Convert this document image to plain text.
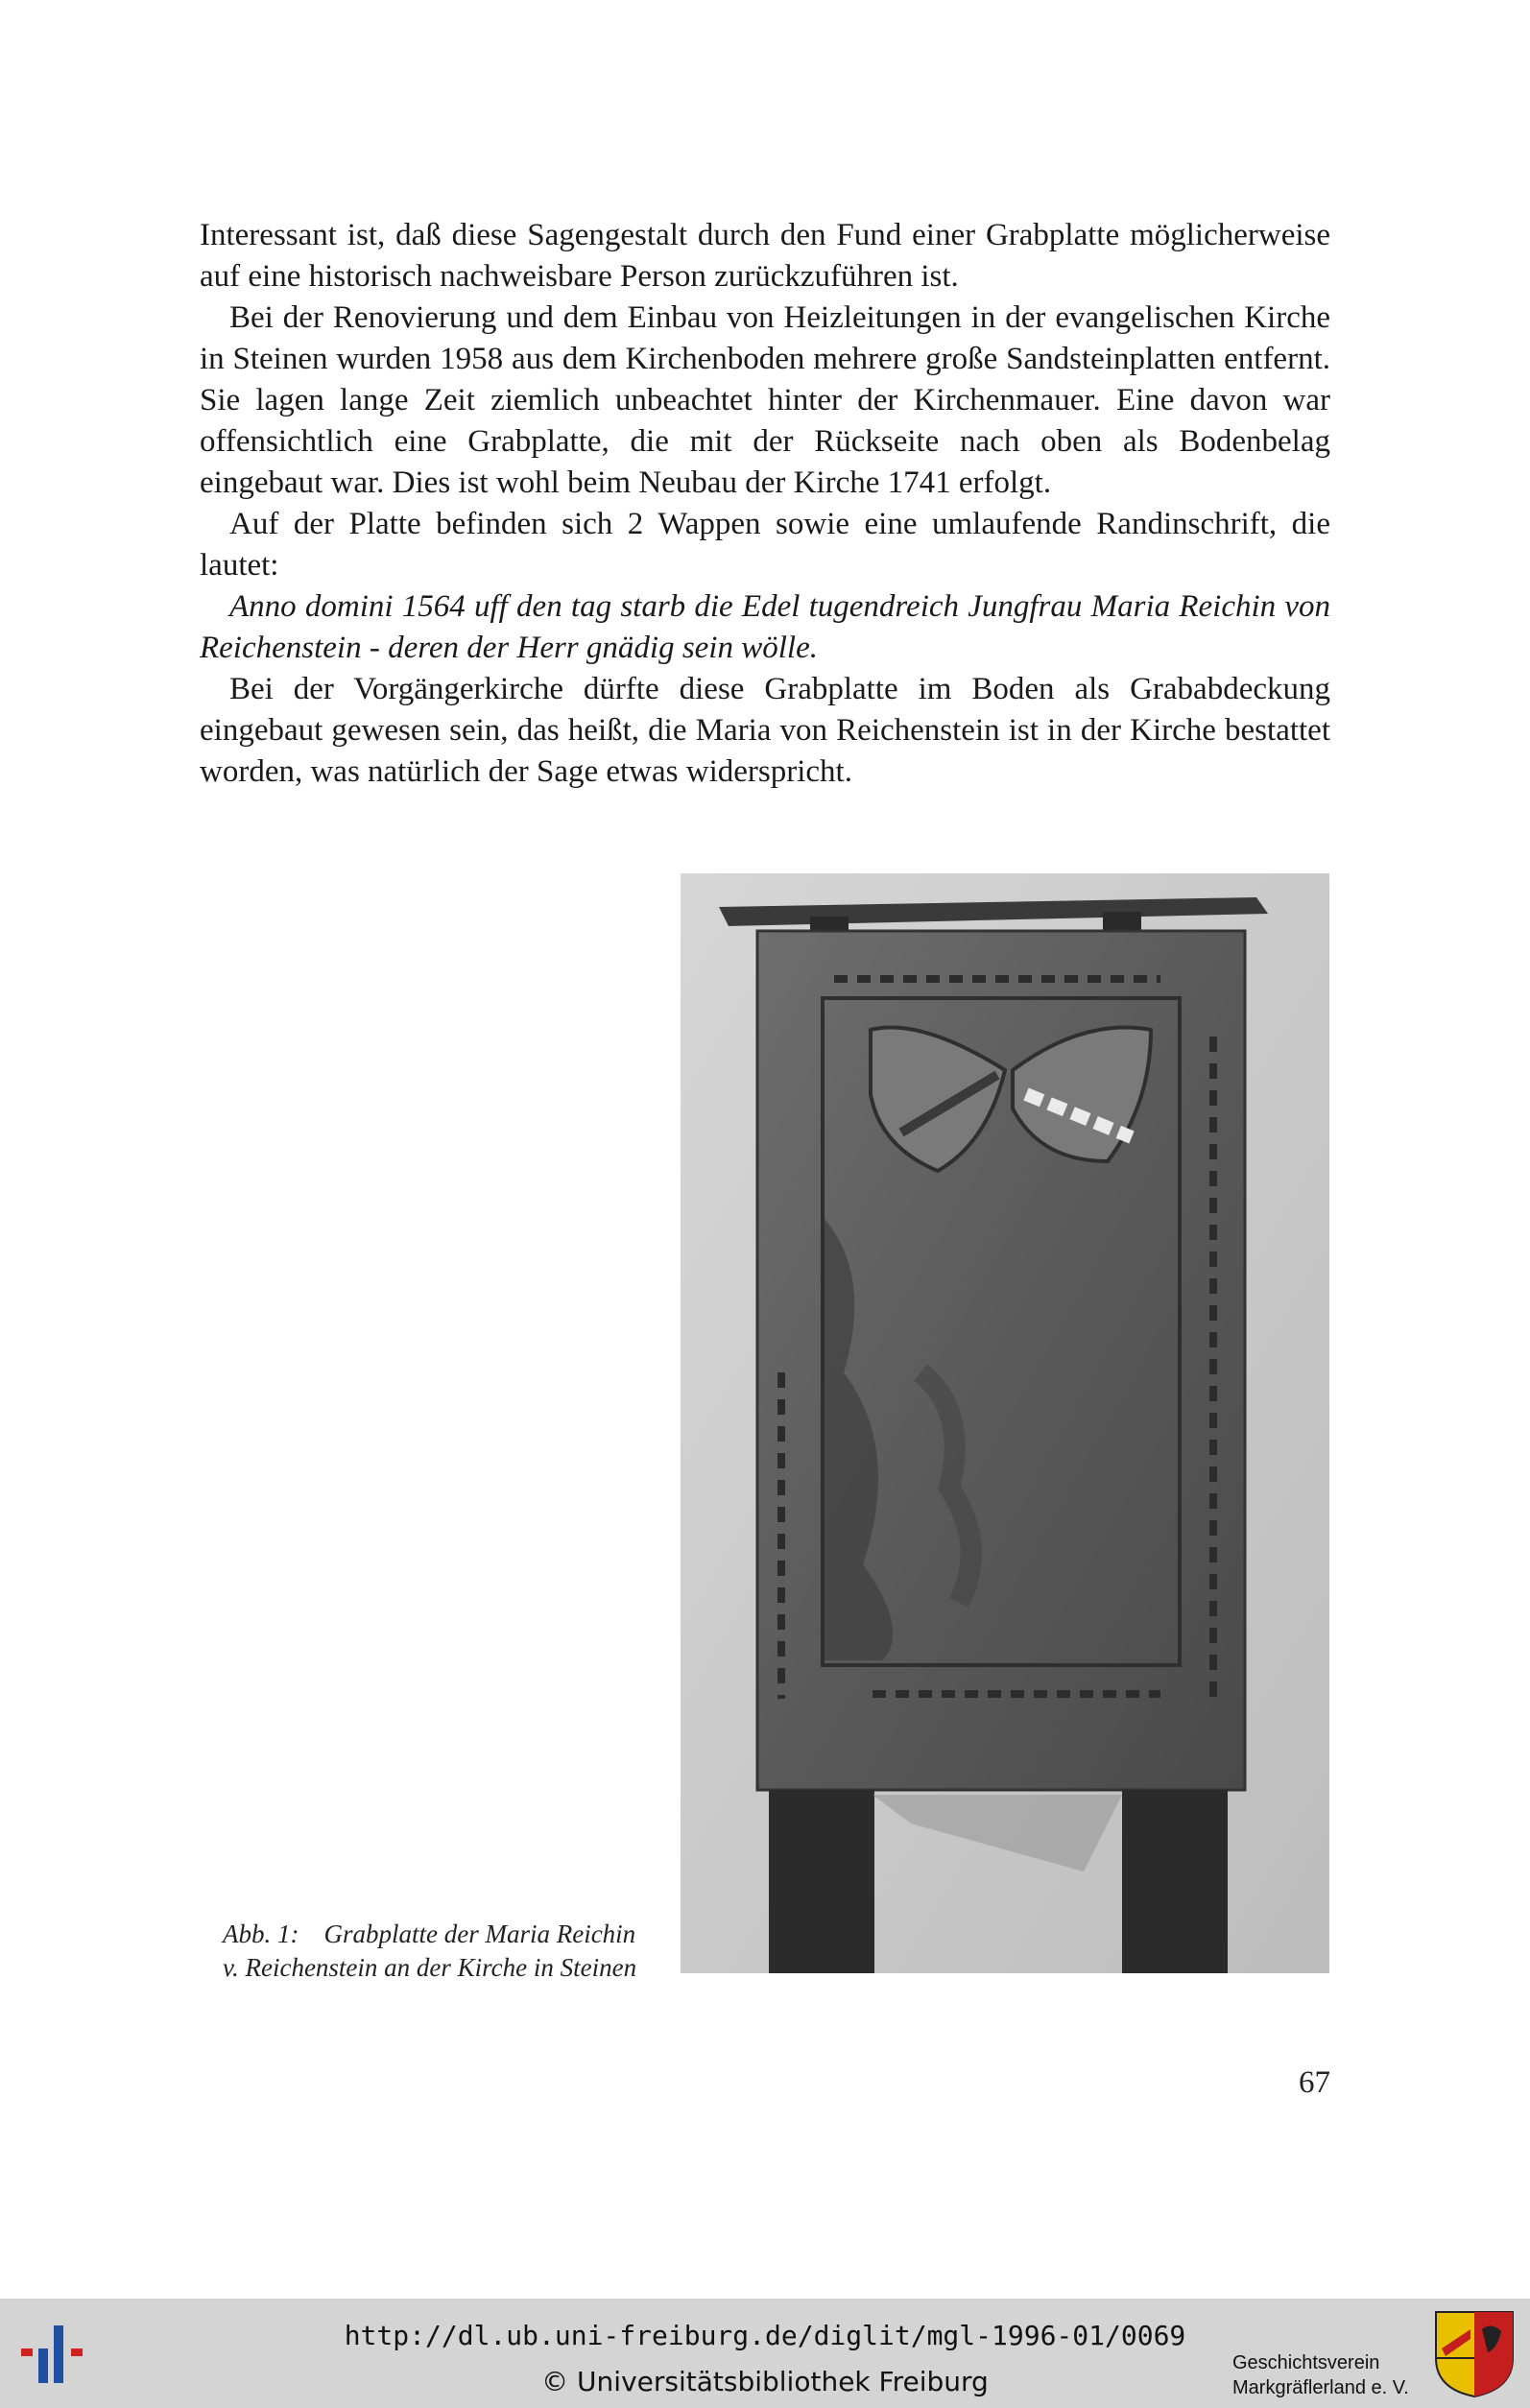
Interessant ist, daß diese Sagengestalt durch den Fund einer Grabplatte möglicherweise auf eine historisch nachweisbare Person zurückzuführen ist.

Bei der Renovierung und dem Einbau von Heizleitungen in der evangelischen Kirche in Steinen wurden 1958 aus dem Kirchenboden mehrere große Sandsteinplatten entfernt. Sie lagen lange Zeit ziemlich unbeachtet hinter der Kirchenmauer. Eine davon war offensichtlich eine Grabplatte, die mit der Rückseite nach oben als Bodenbelag eingebaut war. Dies ist wohl beim Neubau der Kirche 1741 erfolgt.

Auf der Platte befinden sich 2 Wappen sowie eine umlaufende Randinschrift, die lautet:

Anno domini 1564 uff den tag starb die Edel tugendreich Jungfrau Maria Reichin von Reichenstein - deren der Herr gnädig sein wölle.

Bei der Vorgängerkirche dürfte diese Grabplatte im Boden als Grababdeckung eingebaut gewesen sein, das heißt, die Maria von Reichenstein ist in der Kirche bestattet worden, was natürlich der Sage etwas widerspricht.

Abb. 1: Grabplatte der Maria Reichin
v. Reichenstein an der Kirche in Steinen
67
http://dl.ub.uni-freiburg.de/diglit/mgl-1996-01/0069
© Universitätsbibliothek Freiburg
Geschichtsverein
Markgräflerland e. V.
